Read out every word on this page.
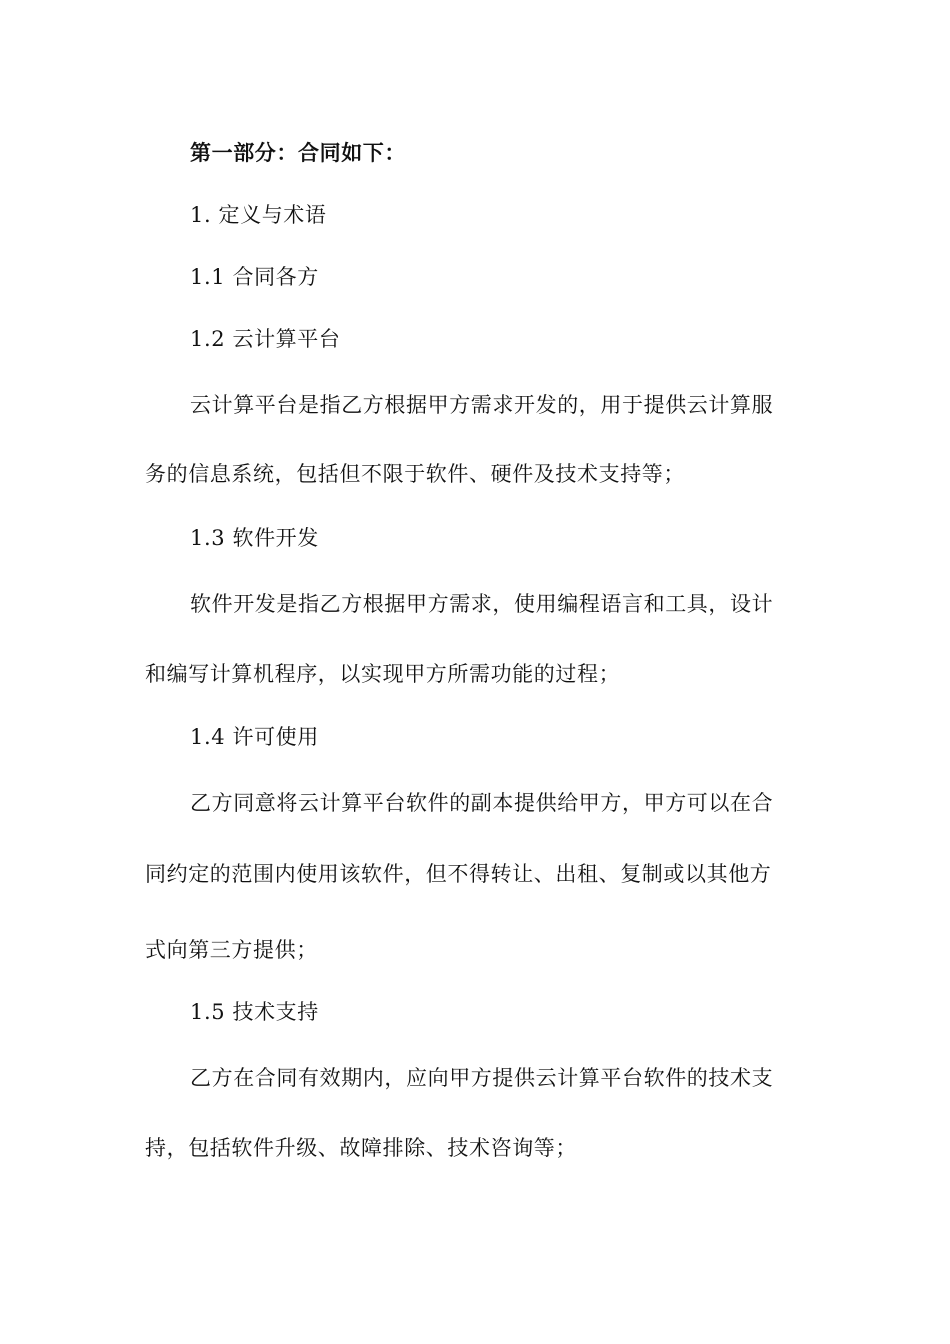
第一部分：合同如下：
1. 定义与术语
1.1 合同各方
1.2 云计算平台
云计算平台是指乙方根据甲方需求开发的，用于提供云计算服
务的信息系统，包括但不限于软件、硬件及技术支持等；
1.3 软件开发
软件开发是指乙方根据甲方需求，使用编程语言和工具，设计
和编写计算机程序，以实现甲方所需功能的过程；
1.4 许可使用
乙方同意将云计算平台软件的副本提供给甲方，甲方可以在合
同约定的范围内使用该软件，但不得转让、出租、复制或以其他方
式向第三方提供；
1.5 技术支持
乙方在合同有效期内，应向甲方提供云计算平台软件的技术支
持，包括软件升级、故障排除、技术咨询等；
